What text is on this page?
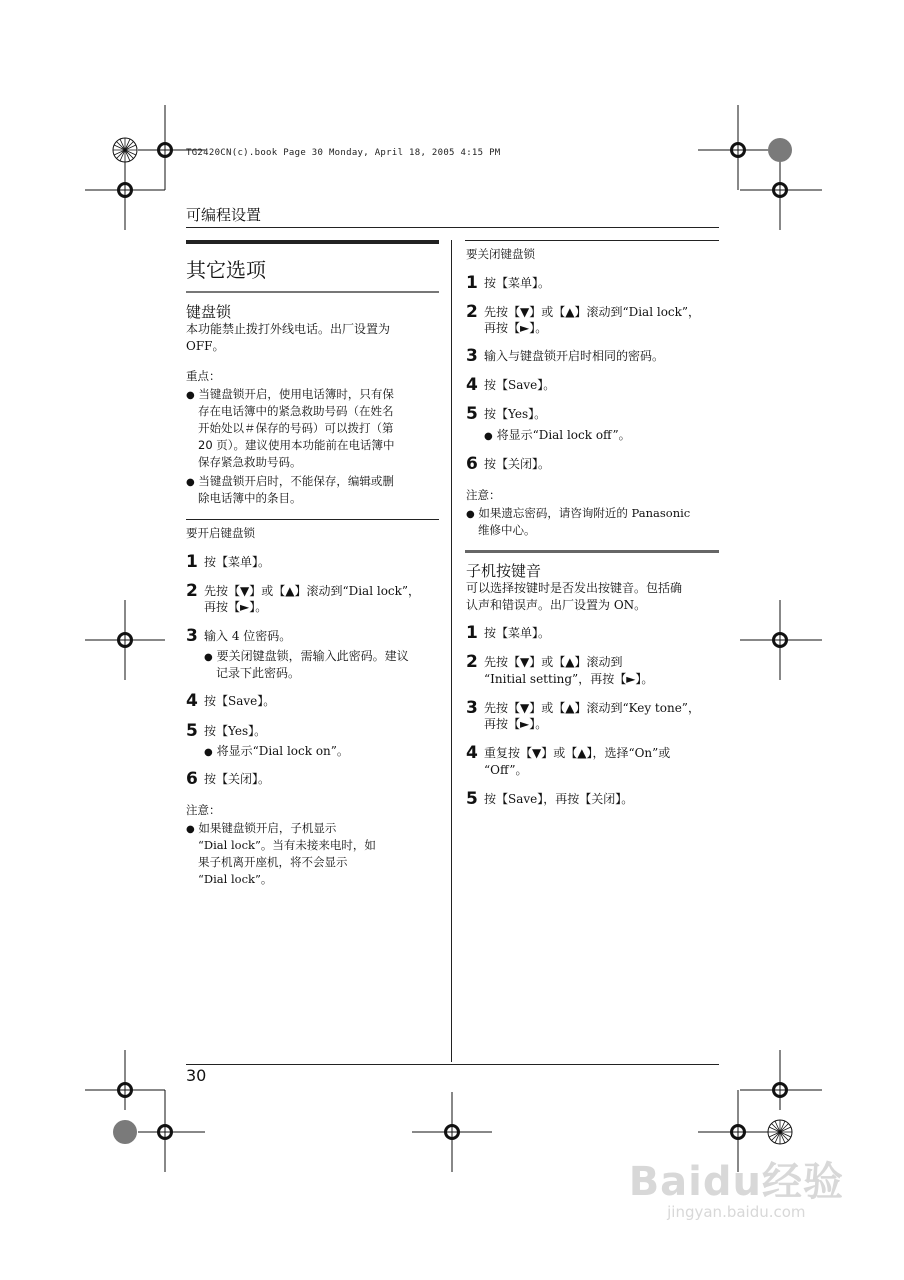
TG2420CN(c).book Page 30 Monday, April 18, 2005 4:15 PM
可编程设置
其它选项
键盘锁
本功能禁止拨打外线电话。出厂设置为
OFF。
重点：
● 当键盘锁开启，使用电话簿时，只有保
存在电话簿中的紧急救助号码（在姓名
开始处以＃保存的号码）可以拨打（第
20 页）。建议使用本功能前在电话簿中
保存紧急救助号码。
● 当键盘锁开启时，不能保存，编辑或删
除电话簿中的条目。
要开启键盘锁
1 按【菜单】。
2 先按【▼】或【▲】滚动到“Dial lock”，
再按【►】。
3 输入 4 位密码。
● 要关闭键盘锁，需输入此密码。建议
记录下此密码。
4 按【Save】。
5 按【Yes】。
● 将显示“Dial lock on”。
6 按【关闭】。
注意：
● 如果键盘锁开启，子机显示
“Dial lock”。当有未接来电时，如
果子机离开座机，将不会显示
“Dial lock”。
要关闭键盘锁
1 按【菜单】。
2 先按【▼】或【▲】滚动到“Dial lock”，
再按【►】。
3 输入与键盘锁开启时相同的密码。
4 按【Save】。
5 按【Yes】。
● 将显示“Dial lock off”。
6 按【关闭】。
注意：
● 如果遗忘密码，请咨询附近的 Panasonic
维修中心。
子机按键音
可以选择按键时是否发出按键音。包括确
认声和错误声。出厂设置为 ON。
1 按【菜单】。
2 先按【▼】或【▲】滚动到
“Initial setting”，再按【►】。
3 先按【▼】或【▲】滚动到“Key tone”，
再按【►】。
4 重复按【▼】或【▲】，选择“On”或
“Off”。
5 按【Save】，再按【关闭】。
30
Baidu经验
jingyan.baidu.com
